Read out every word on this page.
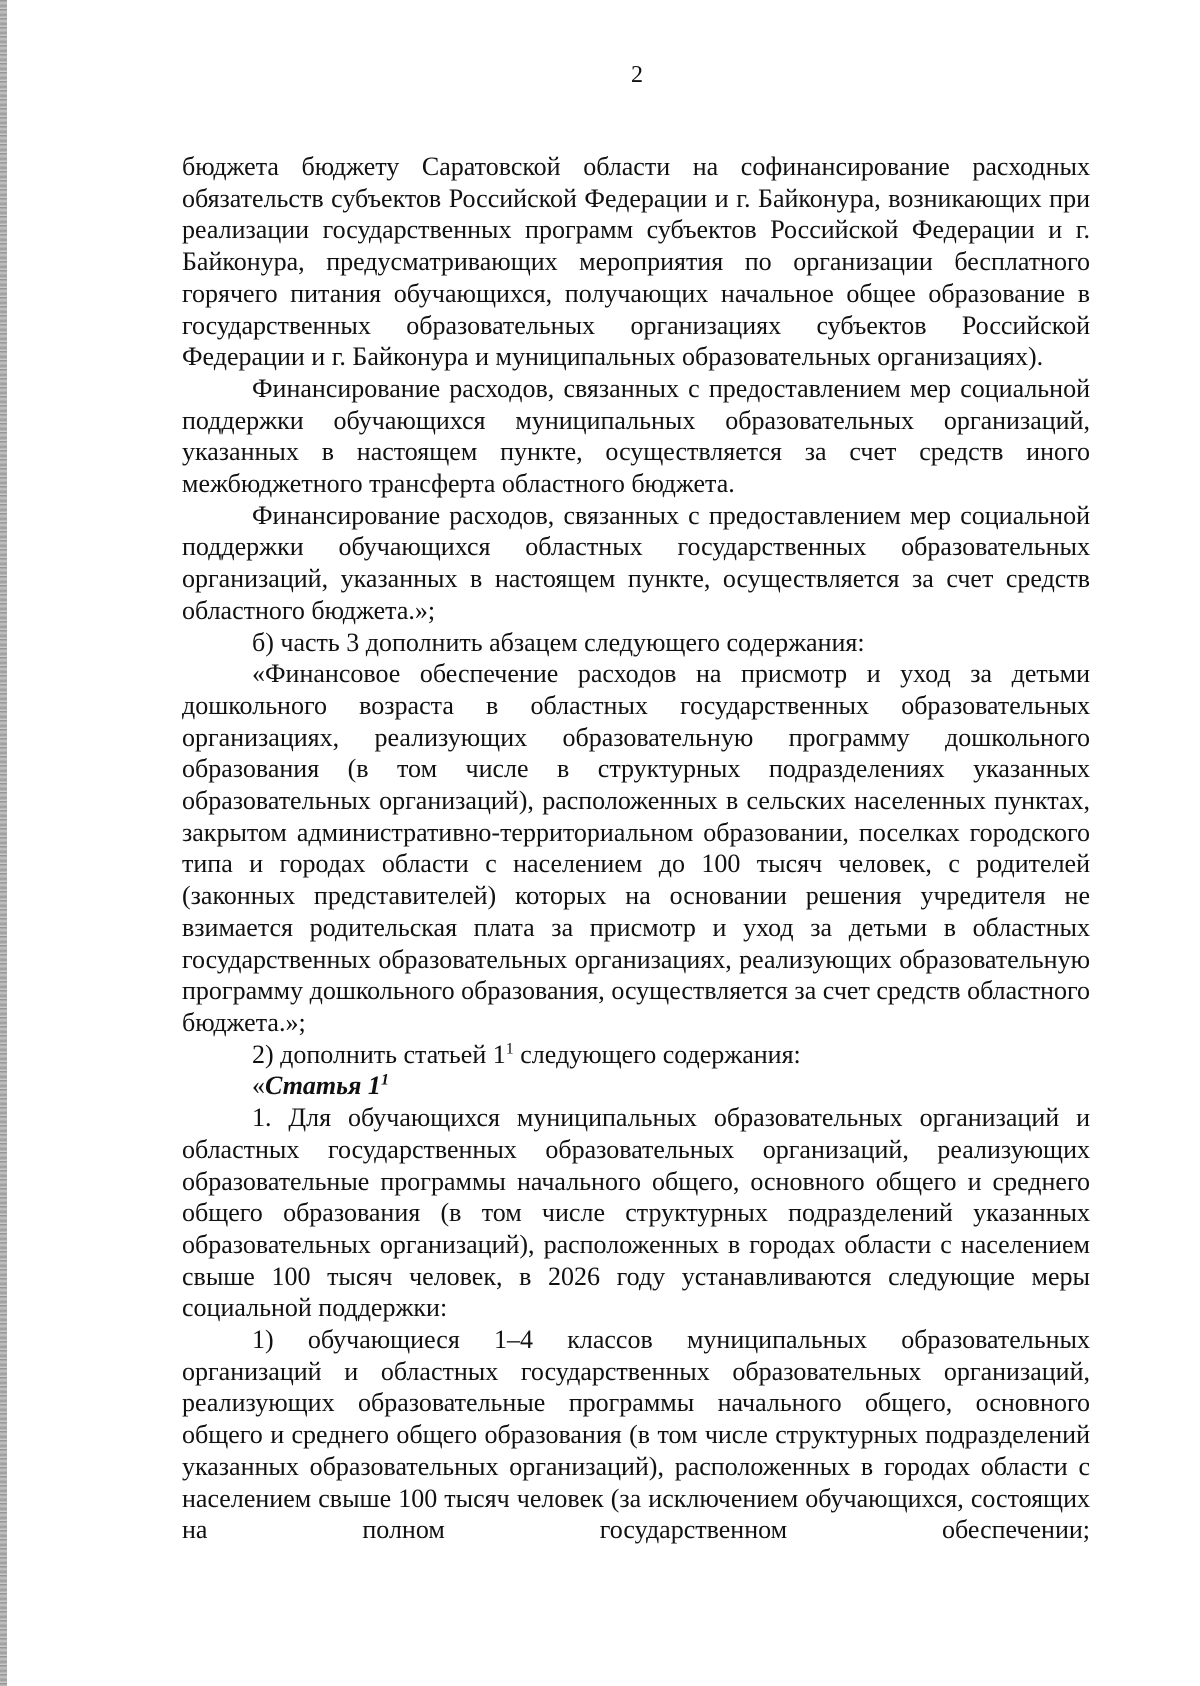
2

бюджета бюджету Саратовской области на софинансирование расходных обязательств субъектов Российской Федерации и г. Байконура, возникающих при реализации государственных программ субъектов Российской Федерации и г. Байконура, предусматривающих мероприятия по организации бесплатного горячего питания обучающихся, получающих начальное общее образование в государственных образовательных организациях субъектов Российской Федерации и г. Байконура и муниципальных образовательных организациях).

Финансирование расходов, связанных с предоставлением мер социальной поддержки обучающихся муниципальных образовательных организаций, указанных в настоящем пункте, осуществляется за счет средств иного межбюджетного трансферта областного бюджета.

Финансирование расходов, связанных с предоставлением мер социальной поддержки обучающихся областных государственных образовательных организаций, указанных в настоящем пункте, осуществляется за счет средств областного бюджета.»;

б) часть 3 дополнить абзацем следующего содержания:

«Финансовое обеспечение расходов на присмотр и уход за детьми дошкольного возраста в областных государственных образовательных организациях, реализующих образовательную программу дошкольного образования (в том числе в структурных подразделениях указанных образовательных организаций), расположенных в сельских населенных пунктах, закрытом административно-территориальном образовании, поселках городского типа и городах области с населением до 100 тысяч человек, с родителей (законных представителей) которых на основании решения учредителя не взимается родительская плата за присмотр и уход за детьми в областных государственных образовательных организациях, реализующих образовательную программу дошкольного образования, осуществляется за счет средств областного бюджета.»;

2) дополнить статьей $1^1$ следующего содержания:

«Статья $1^1$

1. Для обучающихся муниципальных образовательных организаций и областных государственных образовательных организаций, реализующих образовательные программы начального общего, основного общего и среднего общего образования (в том числе структурных подразделений указанных образовательных организаций), расположенных в городах области с населением свыше 100 тысяч человек, в 2026 году устанавливаются следующие меры социальной поддержки:

1) обучающиеся 1–4 классов муниципальных образовательных организаций и областных государственных образовательных организаций, реализующих образовательные программы начального общего, основного общего и среднего общего образования (в том числе структурных подразделений указанных образовательных организаций), расположенных в городах области с населением свыше 100 тысяч человек (за исключением обучающихся, состоящих на полном государственном обеспечении;
